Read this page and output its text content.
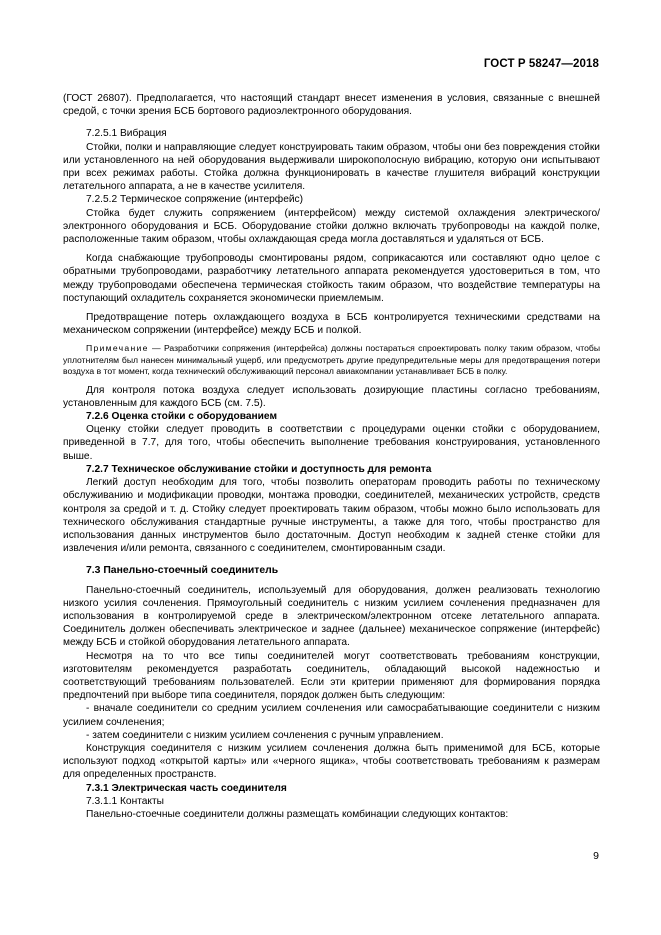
ГОСТ Р 58247—2018

(ГОСТ 26807). Предполагается, что настоящий стандарт внесет изменения в условия, связанные с внешней средой, с точки зрения БСБ бортового радиоэлектронного оборудования.

7.2.5.1 Вибрация

Стойки, полки и направляющие следует конструировать таким образом, чтобы они без повреждения стойки или установленного на ней оборудования выдерживали широкополосную вибрацию, которую они испытывают при всех режимах работы. Стойка должна функционировать в качестве глушителя вибраций конструкции летательного аппарата, а не в качестве усилителя.

7.2.5.2 Термическое сопряжение (интерфейс)

Стойка будет служить сопряжением (интерфейсом) между системой охлаждения электрического/электронного оборудования и БСБ. Оборудование стойки должно включать трубопроводы на каждой полке, расположенные таким образом, чтобы охлаждающая среда могла доставляться и удаляться от БСБ.

Когда снабжающие трубопроводы смонтированы рядом, соприкасаются или составляют одно целое с обратными трубопроводами, разработчику летательного аппарата рекомендуется удостовериться в том, что между трубопроводами обеспечена термическая стойкость таким образом, что воздействие температуры на поступающий охладитель сохраняется экономически приемлемым.

Предотвращение потерь охлаждающего воздуха в БСБ контролируется техническими средствами на механическом сопряжении (интерфейсе) между БСБ и полкой.

Примечание — Разработчики сопряжения (интерфейса) должны постараться спроектировать полку таким образом, чтобы уплотнителям был нанесен минимальный ущерб, или предусмотреть другие предупредительные меры для предотвращения потери воздуха в тот момент, когда технический обслуживающий персонал авиакомпании устанавливает БСБ в полку.

Для контроля потока воздуха следует использовать дозирующие пластины согласно требованиям, установленным для каждого БСБ (см. 7.5).

7.2.6 Оценка стойки с оборудованием

Оценку стойки следует проводить в соответствии с процедурами оценки стойки с оборудованием, приведенной в 7.7, для того, чтобы обеспечить выполнение требования конструирования, установленного выше.

7.2.7 Техническое обслуживание стойки и доступность для ремонта

Легкий доступ необходим для того, чтобы позволить операторам проводить работы по техническому обслуживанию и модификации проводки, монтажа проводки, соединителей, механических устройств, средств контроля за средой и т. д. Стойку следует проектировать таким образом, чтобы можно было использовать для технического обслуживания стандартные ручные инструменты, а также для того, чтобы пространство для использования данных инструментов было достаточным. Доступ необходим к задней стенке стойки для извлечения и/или ремонта, связанного с соединителем, смонтированным сзади.

7.3 Панельно-стоечный соединитель

Панельно-стоечный соединитель, используемый для оборудования, должен реализовать технологию низкого усилия сочленения. Прямоугольный соединитель с низким усилием сочленения предназначен для использования в контролируемой среде в электрическом/электронном отсеке летательного аппарата. Соединитель должен обеспечивать электрическое и заднее (дальнее) механическое сопряжение (интерфейс) между БСБ и стойкой оборудования летательного аппарата.

Несмотря на то что все типы соединителей могут соответствовать требованиям конструкции, изготовителям рекомендуется разработать соединитель, обладающий высокой надежностью и соответствующий требованиям пользователей. Если эти критерии применяют для формирования порядка предпочтений при выборе типа соединителя, порядок должен быть следующим:

- вначале соединители со средним усилием сочленения или самосрабатывающие соединители с низким усилием сочленения;

- затем соединители с низким усилием сочленения с ручным управлением.

Конструкция соединителя с низким усилием сочленения должна быть применимой для БСБ, которые используют подход «открытой карты» или «черного ящика», чтобы соответствовать требованиям к размерам для определенных пространств.

7.3.1 Электрическая часть соединителя

7.3.1.1 Контакты

Панельно-стоечные соединители должны размещать комбинации следующих контактов:

9
